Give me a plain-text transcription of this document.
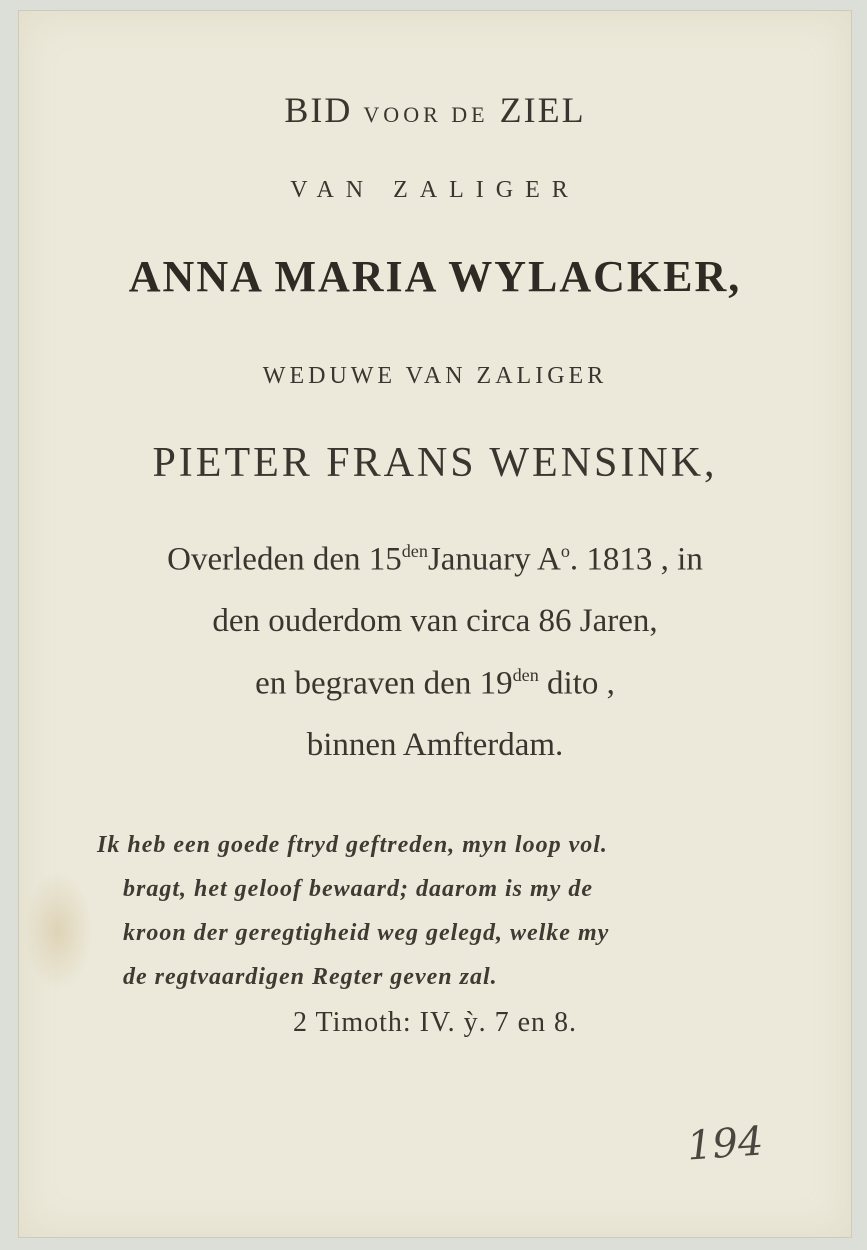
BID VOOR DE ZIEL
VAN ZALIGER
ANNA MARIA WYLACKER,
WEDUWE VAN ZALIGER
PIETER FRANS WENSINK,
Overleden den $15^{den}January$ $A^o$. 1813 , in
den ouderdom van circa 86 Jaren,
en begraven den $19^{den}$ dito ,
binnen Amfterdam.
Ik heb een goede ftryd geftreden, myn loop vol.
bragt, het geloof bewaard; daarom is my de
kroon der geregtigheid weg gelegd, welke my
de regtvaardigen Regter geven zal.
2 Timoth: IV. ỳ. 7 en 8.
194
